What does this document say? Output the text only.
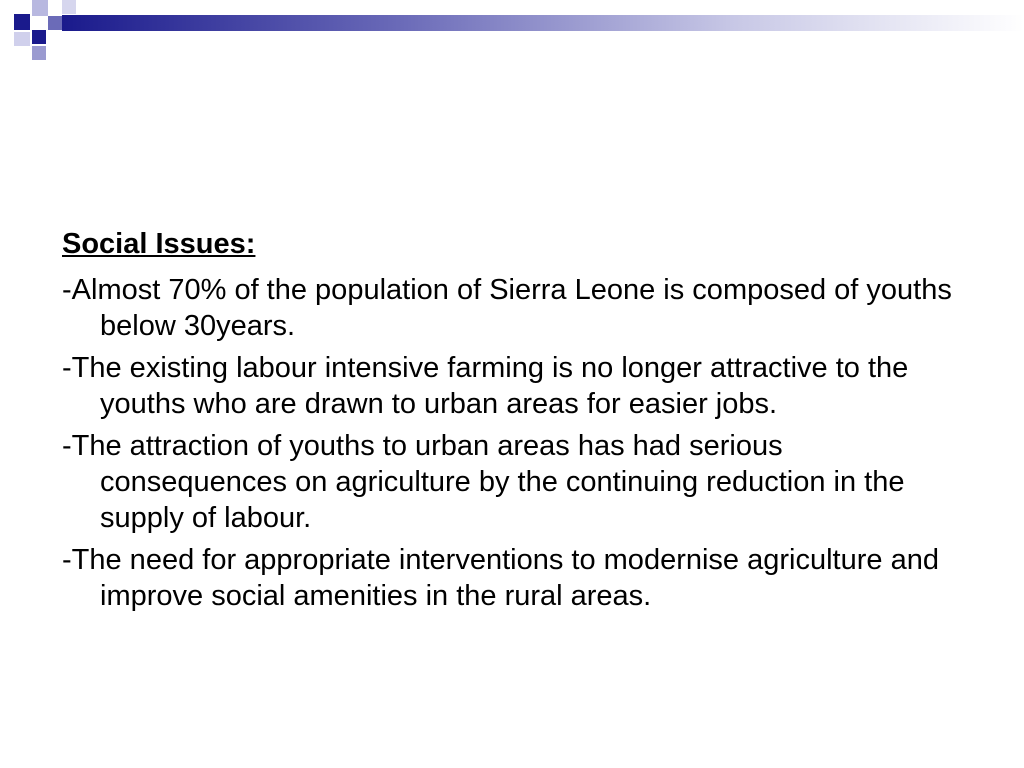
Social Issues:

-Almost 70% of the population of Sierra Leone is composed of youths below 30years.

-The existing labour intensive farming is no longer attractive to the youths who are drawn to urban areas for easier jobs.

-The attraction of youths to urban areas has had serious consequences on agriculture by the continuing reduction in the supply of labour.

-The need for appropriate interventions to modernise agriculture and improve social amenities in the rural areas.
